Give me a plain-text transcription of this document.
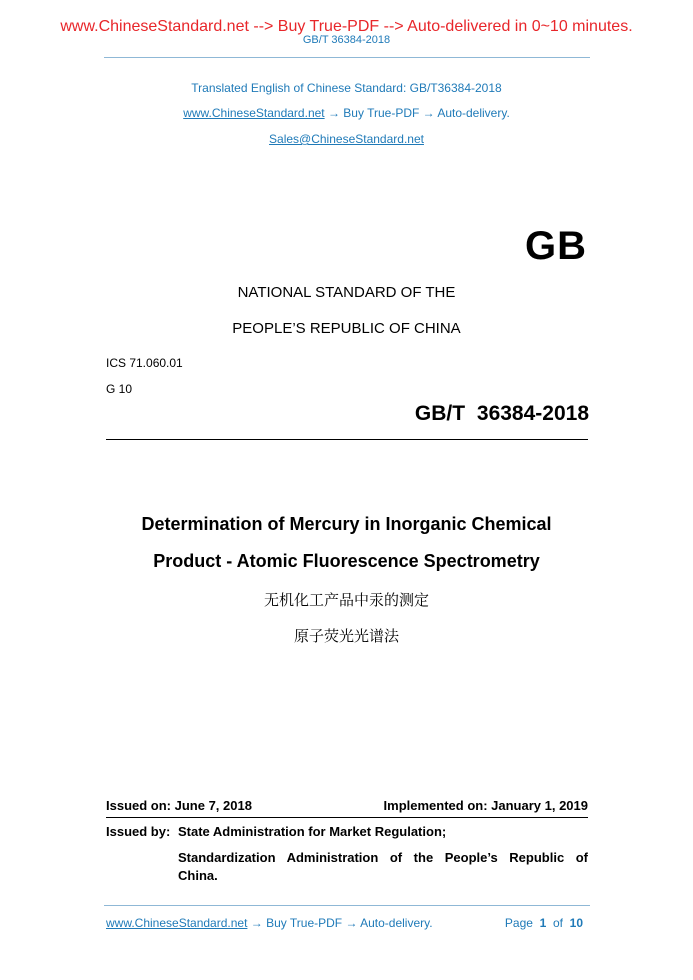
www.ChineseStandard.net --> Buy True-PDF --> Auto-delivered in 0~10 minutes.
GB/T 36384-2018
Translated English of Chinese Standard: GB/T36384-2018
www.ChineseStandard.net → Buy True-PDF → Auto-delivery.
Sales@ChineseStandard.net
GB
NATIONAL STANDARD OF THE
PEOPLE’S REPUBLIC OF CHINA
ICS 71.060.01
G 10
GB/T 36384-2018
Determination of Mercury in Inorganic Chemical
Product - Atomic Fluorescence Spectrometry
无机化工产品中汞的测定
原子荧光光谱法
Issued on: June 7, 2018	Implemented on: January 1, 2019
Issued by: State Administration for Market Regulation;
Standardization Administration of the People’s Republic of
China.
www.ChineseStandard.net → Buy True-PDF → Auto-delivery.	Page 1 of 10
